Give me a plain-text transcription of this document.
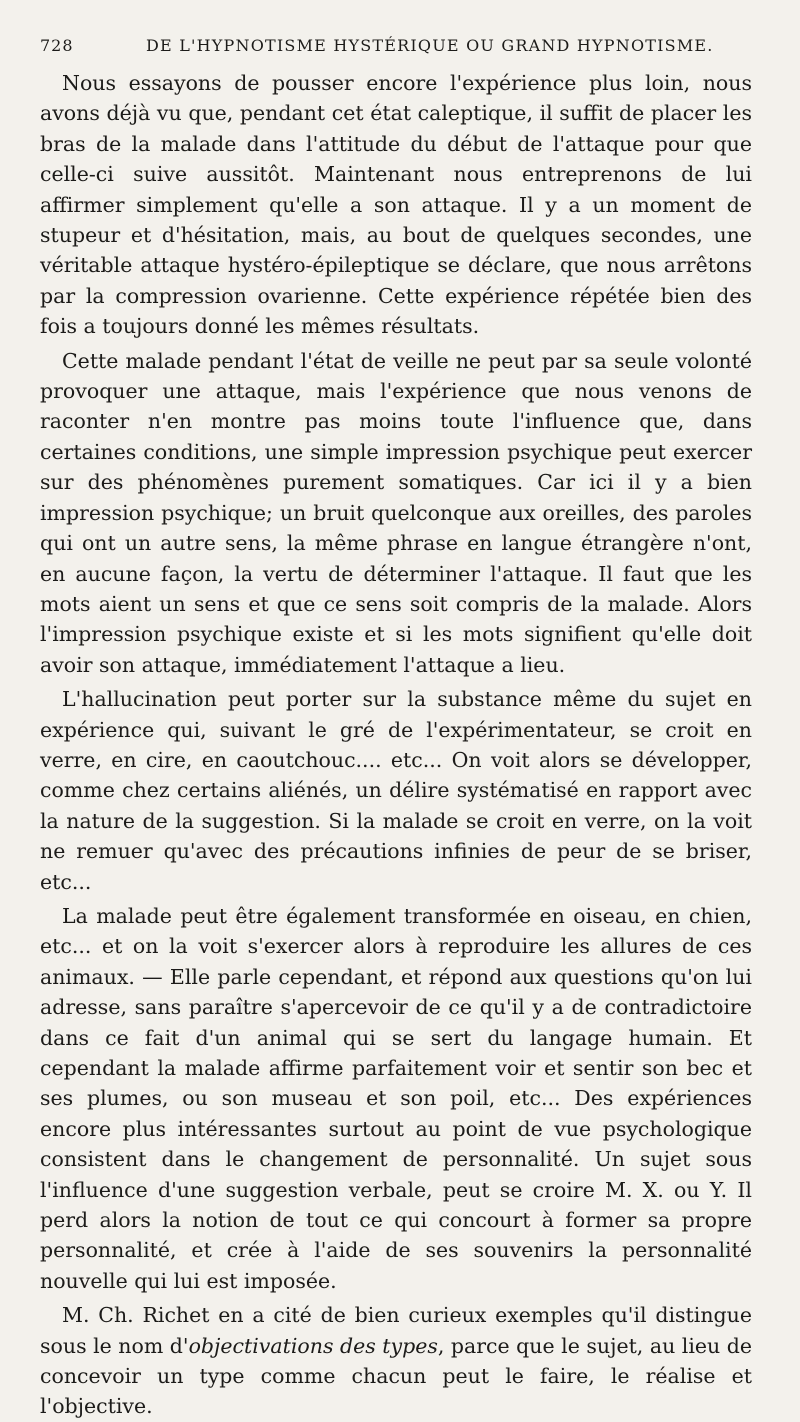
728	DE L'HYPNOTISME HYSTÉRIQUE OU GRAND HYPNOTISME.

Nous essayons de pousser encore l'expérience plus loin, nous avons déjà vu que, pendant cet état caleptique, il suffit de placer les bras de la malade dans l'attitude du début de l'attaque pour que celle-ci suive aussitôt. Maintenant nous entreprenons de lui affirmer simplement qu'elle a son attaque. Il y a un moment de stupeur et d'hésitation, mais, au bout de quelques secondes, une véritable attaque hystéro-épileptique se déclare, que nous arrêtons par la compression ovarienne. Cette expérience répétée bien des fois a toujours donné les mêmes résultats.

Cette malade pendant l'état de veille ne peut par sa seule volonté provoquer une attaque, mais l'expérience que nous venons de raconter n'en montre pas moins toute l'influence que, dans certaines conditions, une simple impression psychique peut exercer sur des phénomènes purement somatiques. Car ici il y a bien impression psychique; un bruit quelconque aux oreilles, des paroles qui ont un autre sens, la même phrase en langue étrangère n'ont, en aucune façon, la vertu de déterminer l'attaque. Il faut que les mots aient un sens et que ce sens soit compris de la malade. Alors l'impression psychique existe et si les mots signifient qu'elle doit avoir son attaque, immédiatement l'attaque a lieu.

L'hallucination peut porter sur la substance même du sujet en expérience qui, suivant le gré de l'expérimentateur, se croit en verre, en cire, en caoutchouc.... etc... On voit alors se développer, comme chez certains aliénés, un délire systématisé en rapport avec la nature de la suggestion. Si la malade se croit en verre, on la voit ne remuer qu'avec des précautions infinies de peur de se briser, etc...

La malade peut être également transformée en oiseau, en chien, etc... et on la voit s'exercer alors à reproduire les allures de ces animaux. — Elle parle cependant, et répond aux questions qu'on lui adresse, sans paraître s'apercevoir de ce qu'il y a de contradictoire dans ce fait d'un animal qui se sert du langage humain. Et cependant la malade affirme parfaitement voir et sentir son bec et ses plumes, ou son museau et son poil, etc... Des expériences encore plus intéressantes surtout au point de vue psychologique consistent dans le changement de personnalité. Un sujet sous l'influence d'une suggestion verbale, peut se croire M. X. ou Y. Il perd alors la notion de tout ce qui concourt à former sa propre personnalité, et crée à l'aide de ses souvenirs la personnalité nouvelle qui lui est imposée.

M. Ch. Richet en a cité de bien curieux exemples qu'il distingue sous le nom d'objectivations des types, parce que le sujet, au lieu de concevoir un type comme chacun peut le faire, le réalise et l'objective.
